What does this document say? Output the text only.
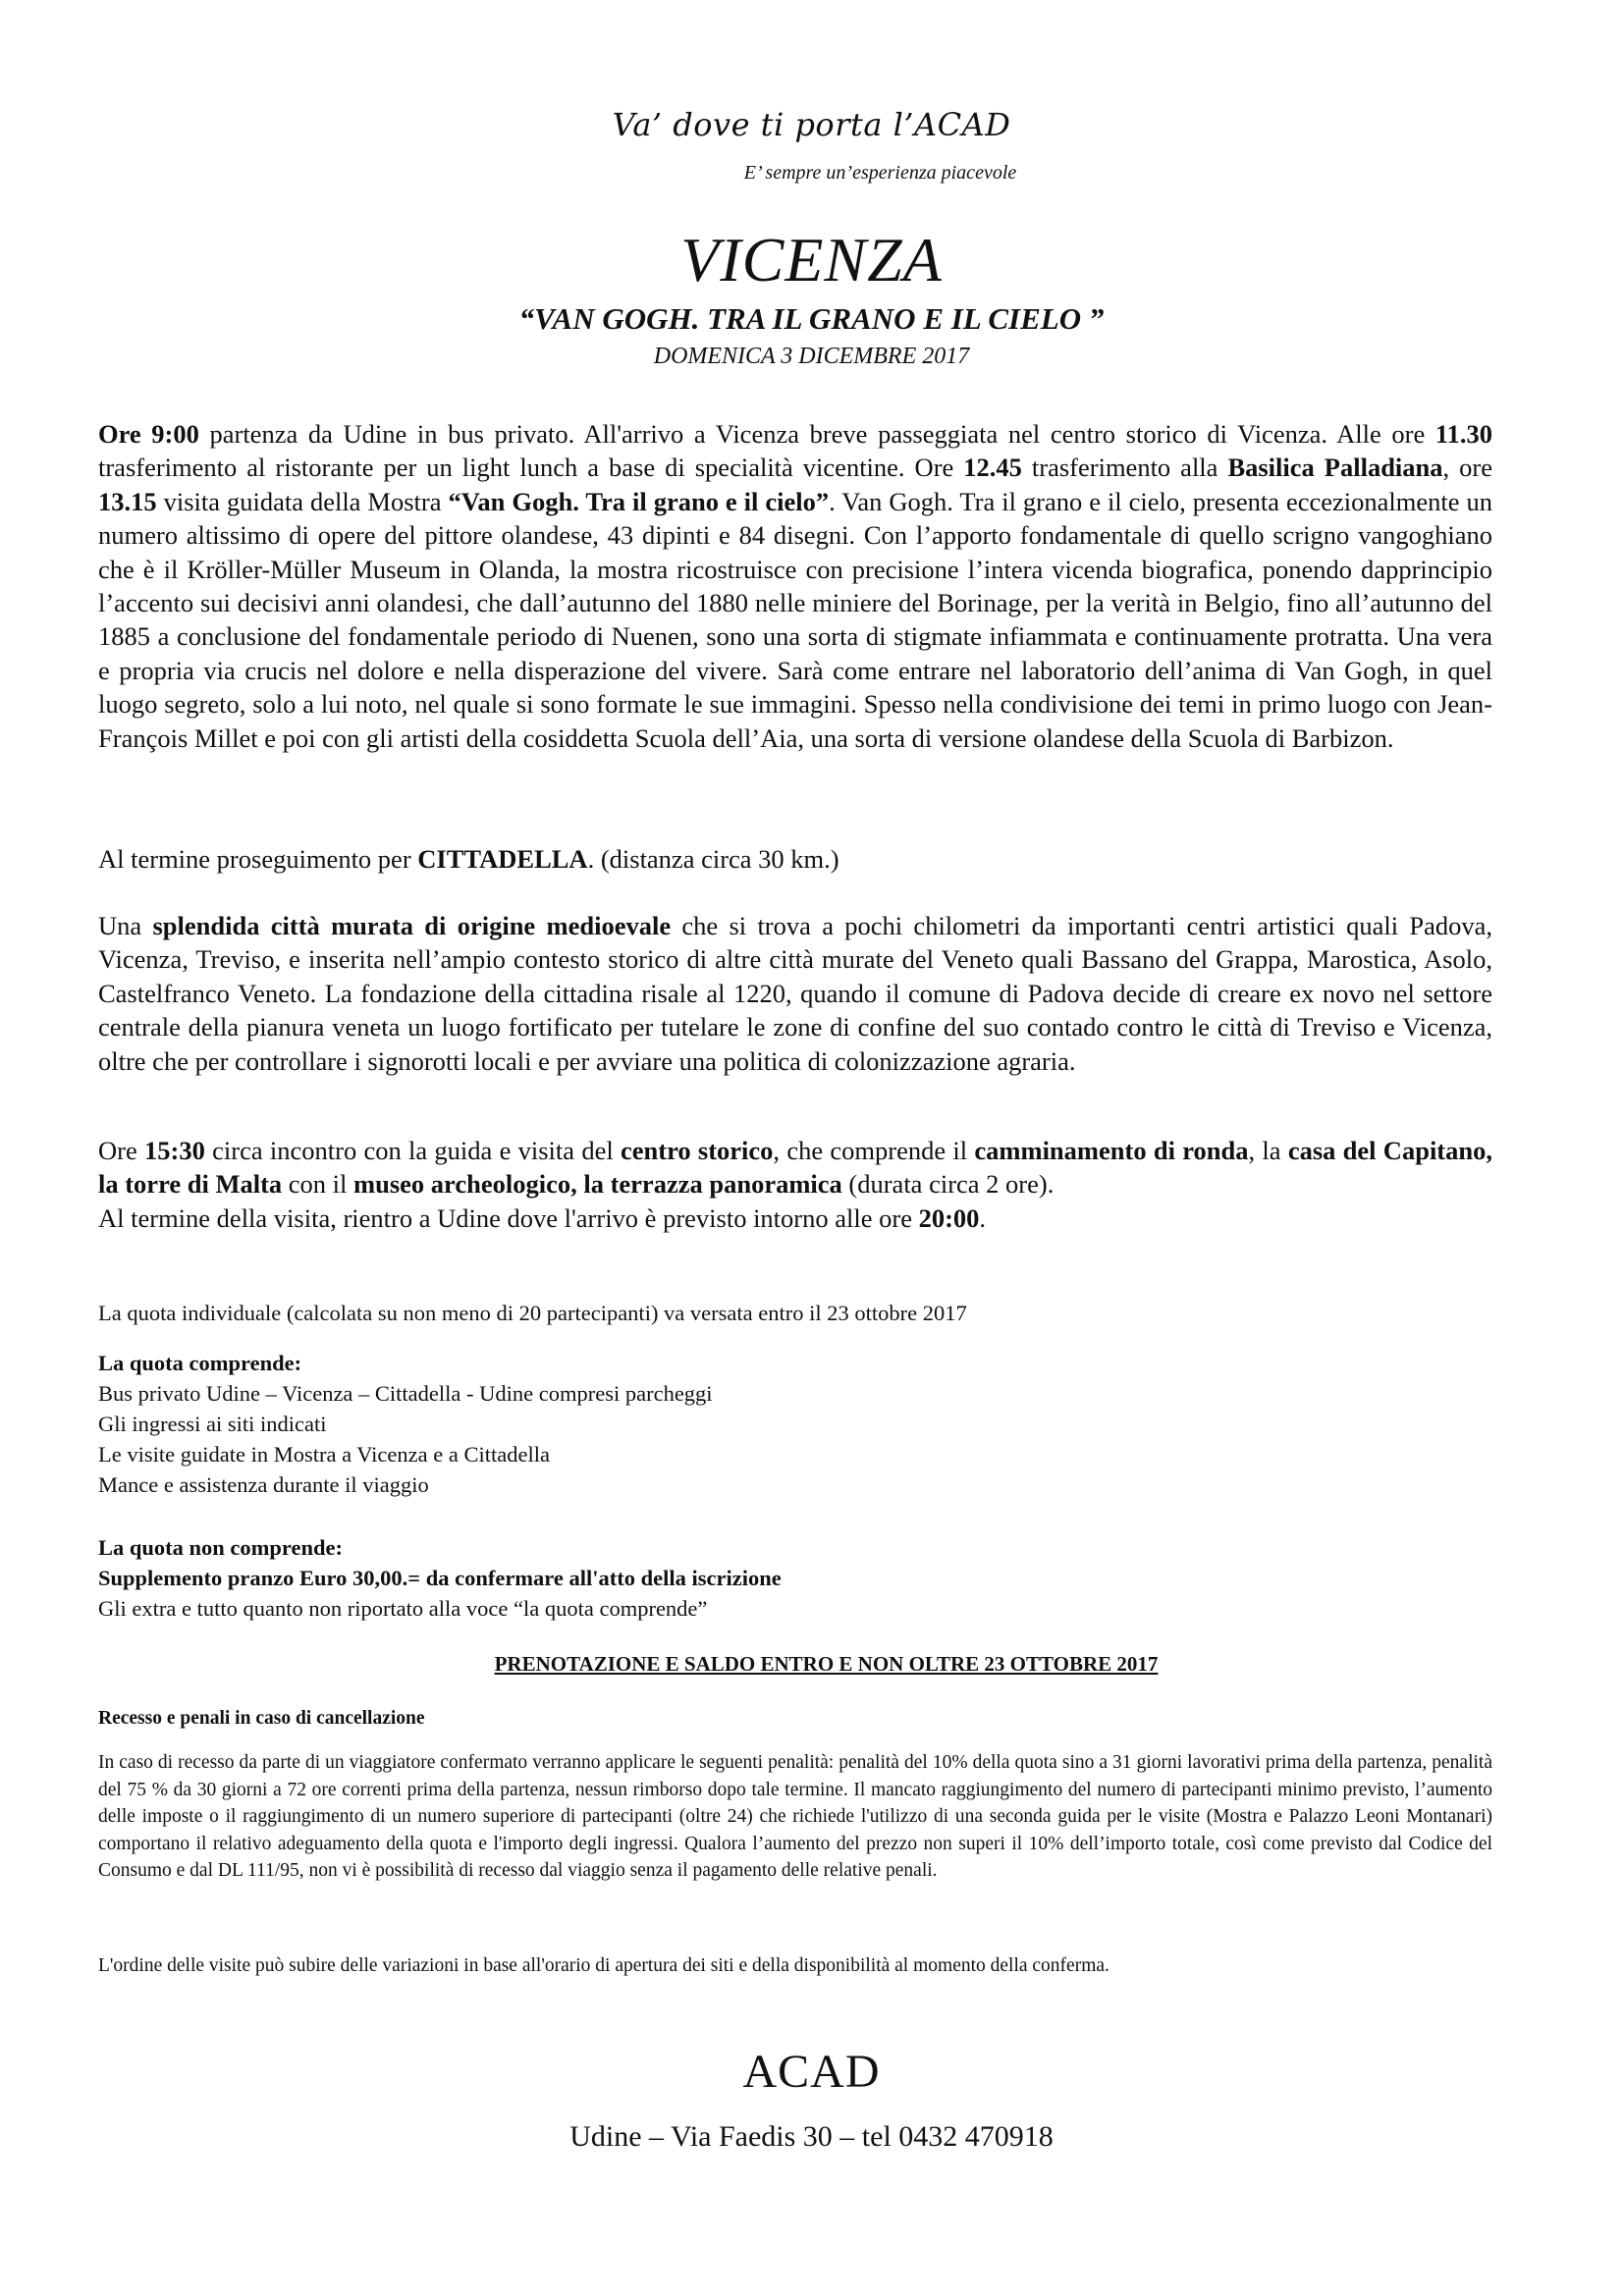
Va’ dove ti porta l’ACAD
E’ sempre un’esperienza piacevole
VICENZA
“VAN GOGH. TRA IL GRANO E IL CIELO ”
DOMENICA 3 DICEMBRE 2017

Ore 9:00 partenza da Udine in bus privato. All'arrivo a Vicenza breve passeggiata nel centro storico di Vicenza. Alle ore 11.30 trasferimento al ristorante per un light lunch a base di specialità vicentine. Ore 12.45 trasferimento alla Basilica Palladiana, ore 13.15 visita guidata della Mostra “Van Gogh. Tra il grano e il cielo”. Van Gogh. Tra il grano e il cielo, presenta eccezionalmente un numero altissimo di opere del pittore olandese, 43 dipinti e 84 disegni. Con l’apporto fondamentale di quello scrigno vangoghiano che è il Kröller-Müller Museum in Olanda, la mostra ricostruisce con precisione l’intera vicenda biografica, ponendo dapprincipio l’accento sui decisivi anni olandesi, che dall’autunno del 1880 nelle miniere del Borinage, per la verità in Belgio, fino all’autunno del 1885 a conclusione del fondamentale periodo di Nuenen, sono una sorta di stigmate infiammata e continuamente protratta. Una vera e propria via crucis nel dolore e nella disperazione del vivere. Sarà come entrare nel laboratorio dell’anima di Van Gogh, in quel luogo segreto, solo a lui noto, nel quale si sono formate le sue immagini. Spesso nella condivisione dei temi in primo luogo con Jean-François Millet e poi con gli artisti della cosiddetta Scuola dell’Aia, una sorta di versione olandese della Scuola di Barbizon.

Al termine proseguimento per CITTADELLA. (distanza circa 30 km.)

Una splendida città murata di origine medioevale che si trova a pochi chilometri da importanti centri artistici quali Padova, Vicenza, Treviso, e inserita nell’ampio contesto storico di altre città murate del Veneto quali Bassano del Grappa, Marostica, Asolo, Castelfranco Veneto. La fondazione della cittadina risale al 1220, quando il comune di Padova decide di creare ex novo nel settore centrale della pianura veneta un luogo fortificato per tutelare le zone di confine del suo contado contro le città di Treviso e Vicenza, oltre che per controllare i signorotti locali e per avviare una politica di colonizzazione agraria.

Ore 15:30 circa incontro con la guida e visita del centro storico, che comprende il camminamento di ronda, la casa del Capitano, la torre di Malta con il museo archeologico, la terrazza panoramica (durata circa 2 ore).
Al termine della visita, rientro a Udine dove l'arrivo è previsto intorno alle ore 20:00.

La quota individuale (calcolata su non meno di 20 partecipanti) va versata entro il 23 ottobre 2017

La quota comprende:
Bus privato Udine – Vicenza – Cittadella - Udine compresi parcheggi
Gli ingressi ai siti indicati
Le visite guidate in Mostra a Vicenza e a Cittadella
Mance e assistenza durante il viaggio
La quota non comprende:
Supplemento pranzo Euro 30,00.= da confermare all'atto della iscrizione
Gli extra e tutto quanto non riportato alla voce “la quota comprende”
PRENOTAZIONE E SALDO ENTRO E NON OLTRE 23 OTTOBRE 2017
Recesso e penali in caso di cancellazione

In caso di recesso da parte di un viaggiatore confermato verranno applicare le seguenti penalità: penalità del 10% della quota sino a 31 giorni lavorativi prima della partenza, penalità del 75 % da 30 giorni a 72 ore correnti prima della partenza, nessun rimborso dopo tale termine. Il mancato raggiungimento del numero di partecipanti minimo previsto, l’aumento delle imposte o il raggiungimento di un numero superiore di partecipanti (oltre 24) che richiede l'utilizzo di una seconda guida per le visite (Mostra e Palazzo Leoni Montanari) comportano il relativo adeguamento della quota e l'importo degli ingressi. Qualora l’aumento del prezzo non superi il 10% dell’importo totale, così come previsto dal Codice del Consumo e dal DL 111/95, non vi è possibilità di recesso dal viaggio senza il pagamento delle relative penali.

L'ordine delle visite può subire delle variazioni in base all'orario di apertura dei siti e della disponibilità al momento della conferma.

ACAD
Udine – Via Faedis 30 – tel 0432 470918
